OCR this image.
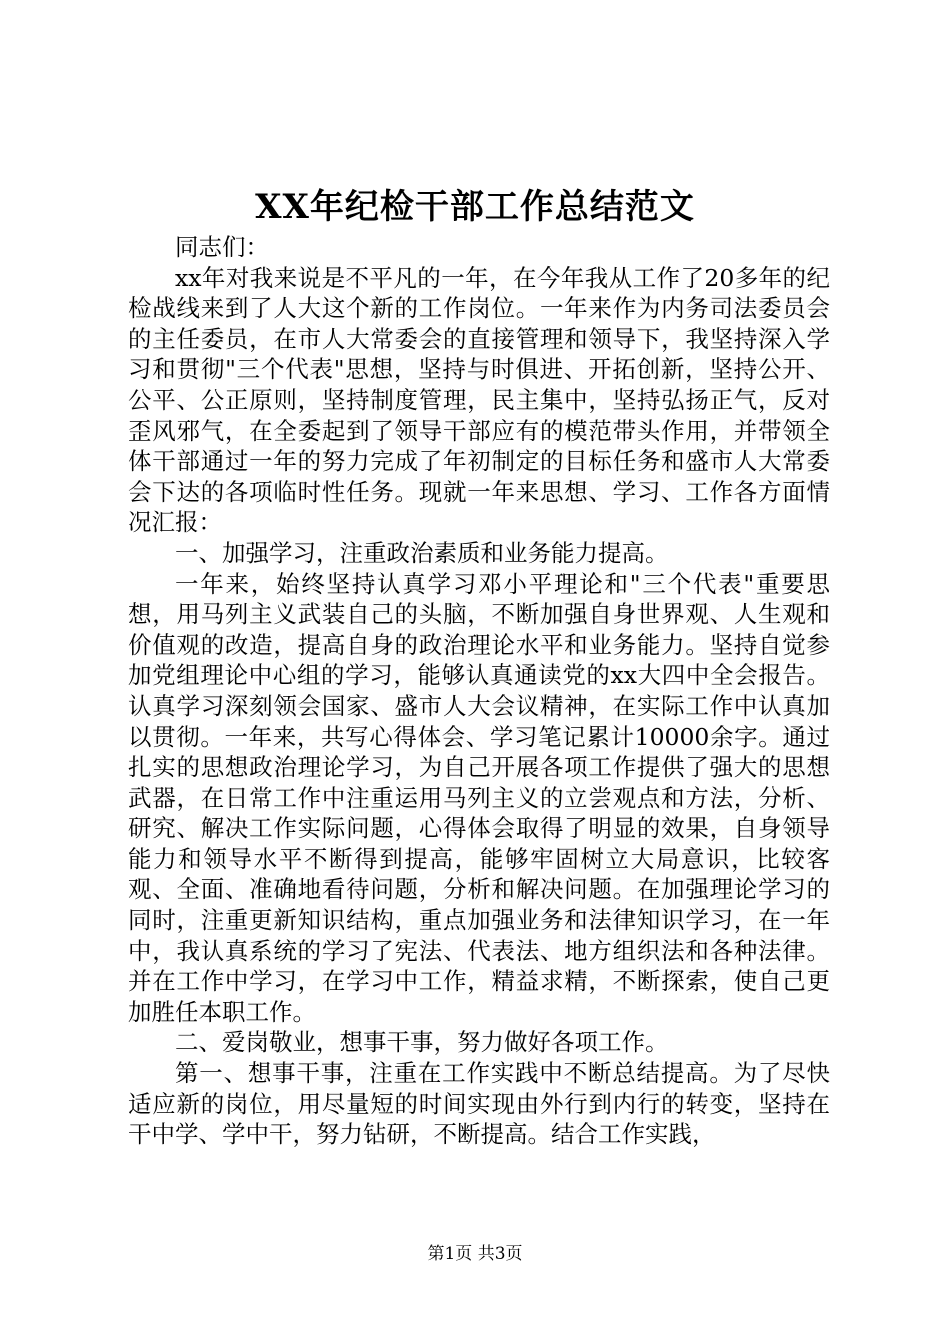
XX年纪检干部工作总结范文

同志们：

xx年对我来说是不平凡的一年，在今年我从工作了20多年的纪检战线来到了人大这个新的工作岗位。一年来作为内务司法委员会的主任委员，在市人大常委会的直接管理和领导下，我坚持深入学习和贯彻"三个代表"思想，坚持与时俱进、开拓创新，坚持公开、公平、公正原则，坚持制度管理，民主集中，坚持弘扬正气，反对歪风邪气，在全委起到了领导干部应有的模范带头作用，并带领全体干部通过一年的努力完成了年初制定的目标任务和盛市人大常委会下达的各项临时性任务。现就一年来思想、学习、工作各方面情况汇报：

一、加强学习，注重政治素质和业务能力提高。

一年来，始终坚持认真学习邓小平理论和"三个代表"重要思想，用马列主义武装自己的头脑，不断加强自身世界观、人生观和价值观的改造，提高自身的政治理论水平和业务能力。坚持自觉参加党组理论中心组的学习，能够认真通读党的xx大四中全会报告。认真学习深刻领会国家、盛市人大会议精神，在实际工作中认真加以贯彻。一年来，共写心得体会、学习笔记累计10000余字。通过扎实的思想政治理论学习，为自己开展各项工作提供了强大的思想武器，在日常工作中注重运用马列主义的立尝观点和方法，分析、研究、解决工作实际问题，心得体会取得了明显的效果，自身领导能力和领导水平不断得到提高，能够牢固树立大局意识，比较客观、全面、准确地看待问题，分析和解决问题。在加强理论学习的同时，注重更新知识结构，重点加强业务和法律知识学习，在一年中，我认真系统的学习了宪法、代表法、地方组织法和各种法律。并在工作中学习，在学习中工作，精益求精，不断探索，使自己更加胜任本职工作。

二、爱岗敬业，想事干事，努力做好各项工作。

第一、想事干事，注重在工作实践中不断总结提高。为了尽快适应新的岗位，用尽量短的时间实现由外行到内行的转变，坚持在干中学、学中干，努力钻研，不断提高。结合工作实践，

第1页 共3页
